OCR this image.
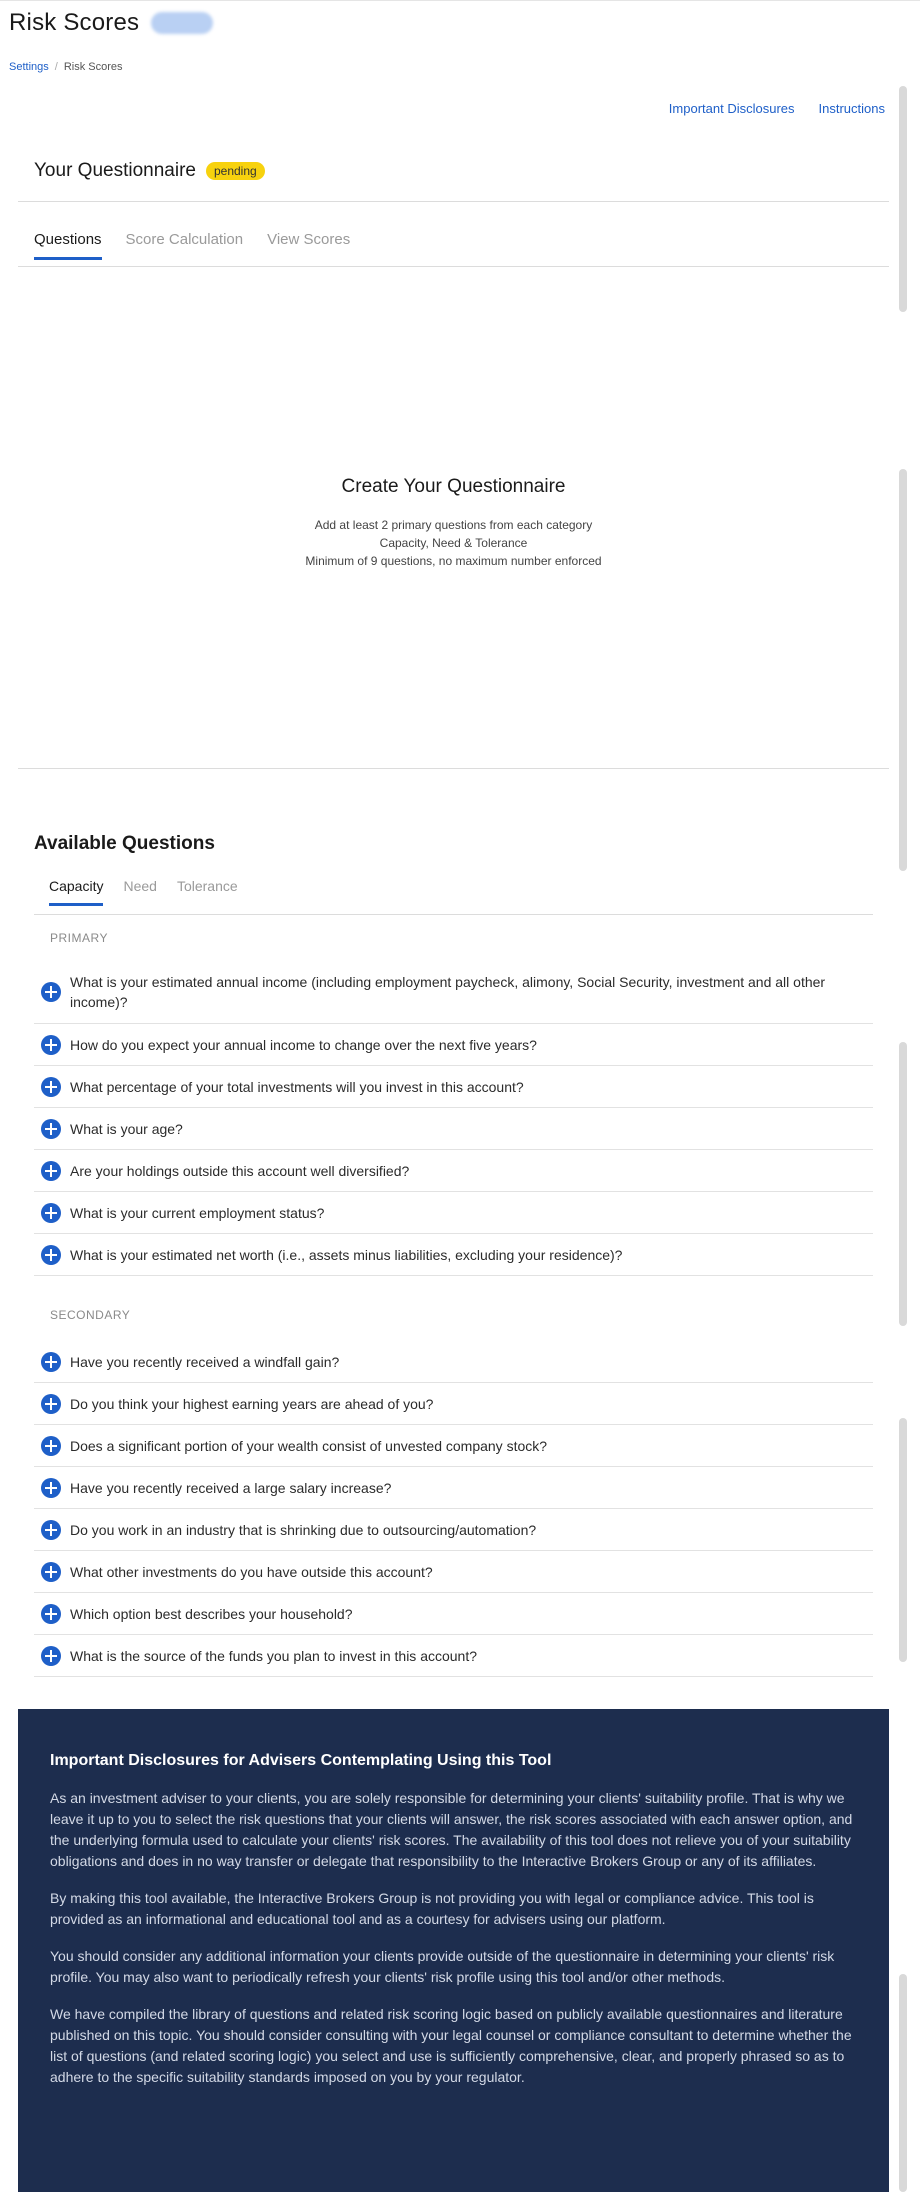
Risk Scores
Settings / Risk Scores
Important Disclosures Instructions
Your Questionnaire	pending
Questions Score Calculation View Scores
Create Your Questionnaire
Add at least 2 primary questions from each category
Capacity, Need & Tolerance
Minimum of 9 questions, no maximum number enforced
Available Questions
Capacity Need Tolerance
PRIMARY
What is your estimated annual income (including employment paycheck, alimony, Social Security, investment and all other income)?
How do you expect your annual income to change over the next five years?
What percentage of your total investments will you invest in this account?
What is your age?
Are your holdings outside this account well diversified?
What is your current employment status?
What is your estimated net worth (i.e., assets minus liabilities, excluding your residence)?
SECONDARY
Have you recently received a windfall gain?
Do you think your highest earning years are ahead of you?
Does a significant portion of your wealth consist of unvested company stock?
Have you recently received a large salary increase?
Do you work in an industry that is shrinking due to outsourcing/automation?
What other investments do you have outside this account?
Which option best describes your household?
What is the source of the funds you plan to invest in this account?
Important Disclosures for Advisers Contemplating Using this Tool

As an investment adviser to your clients, you are solely responsible for determining your clients' suitability profile. That is why we leave it up to you to select the risk questions that your clients will answer, the risk scores associated with each answer option, and the underlying formula used to calculate your clients' risk scores. The availability of this tool does not relieve you of your suitability obligations and does in no way transfer or delegate that responsibility to the Interactive Brokers Group or any of its affiliates.

By making this tool available, the Interactive Brokers Group is not providing you with legal or compliance advice. This tool is provided as an informational and educational tool and as a courtesy for advisers using our platform.

You should consider any additional information your clients provide outside of the questionnaire in determining your clients' risk profile. You may also want to periodically refresh your clients' risk profile using this tool and/or other methods.

We have compiled the library of questions and related risk scoring logic based on publicly available questionnaires and literature published on this topic. You should consider consulting with your legal counsel or compliance consultant to determine whether the list of questions (and related scoring logic) you select and use is sufficiently comprehensive, clear, and properly phrased so as to adhere to the specific suitability standards imposed on you by your regulator.
